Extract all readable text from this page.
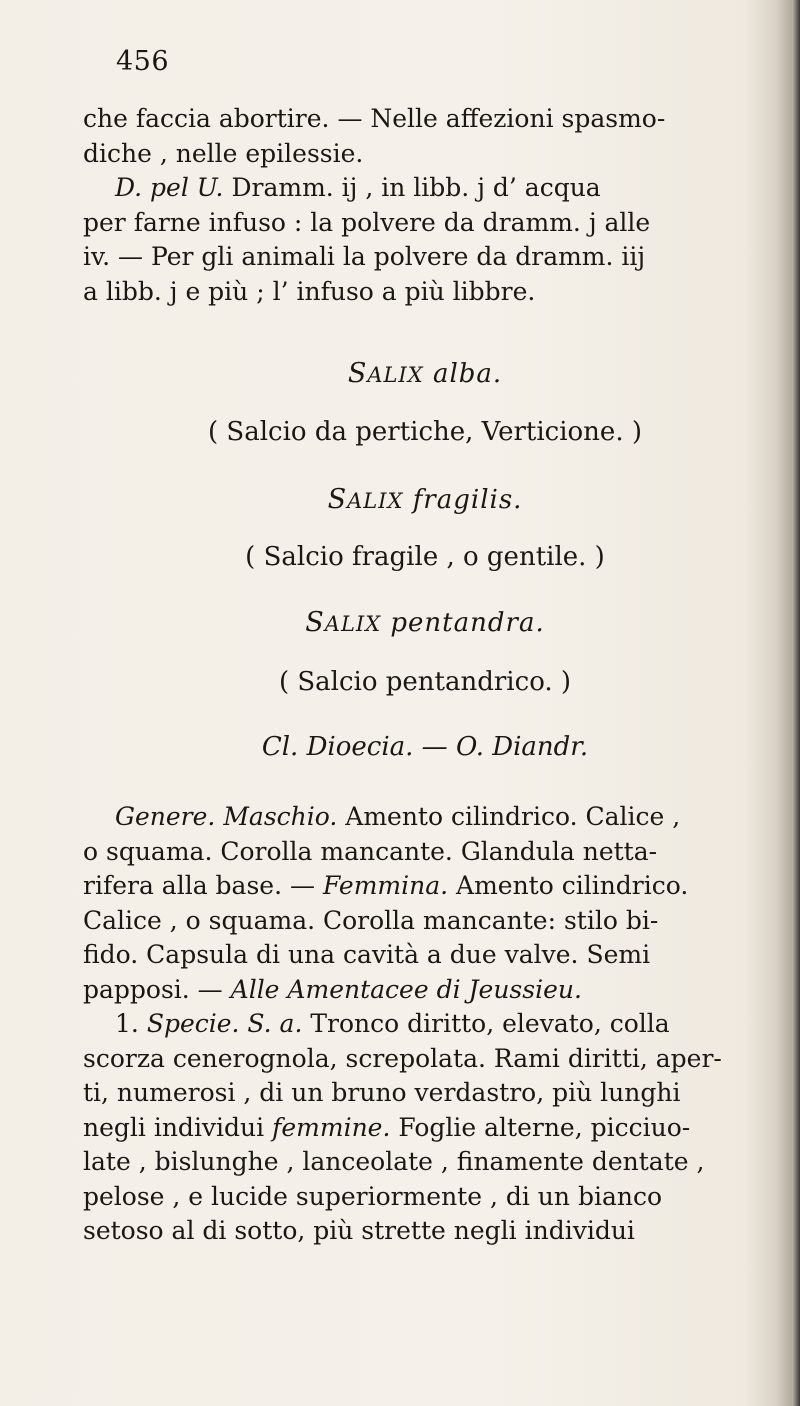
456

che faccia abortire. — Nelle affezioni spasmo-

diche , nelle epilessie.

D. pel U. Dramm. ij , in libb. j d’ acqua

per farne infuso : la polvere da dramm. j alle

iv. — Per gli animali la polvere da dramm. iij

a libb. j e più ; l’ infuso a più libbre.

SALIX alba.
( Salcio da pertiche, Verticione. )
SALIX fragilis.
( Salcio fragile , o gentile. )
SALIX pentandra.
( Salcio pentandrico. )
Cl. Dioecia. — O. Diandr.

Genere. Maschio. Amento cilindrico. Calice ,

o squama. Corolla mancante. Glandula netta-

rifera alla base. — Femmina. Amento cilindrico.

Calice , o squama. Corolla mancante: stilo bi-

fido. Capsula di una cavità a due valve. Semi

papposi. — Alle Amentacee di Jeussieu.

1. Specie. S. a. Tronco diritto, elevato, colla

scorza cenerognola, screpolata. Rami diritti, aper-

ti, numerosi , di un bruno verdastro, più lunghi

negli individui femmine. Foglie alterne, picciuo-

late , bislunghe , lanceolate , finamente dentate ,

pelose , e lucide superiormente , di un bianco

setoso al di sotto, più strette negli individui
